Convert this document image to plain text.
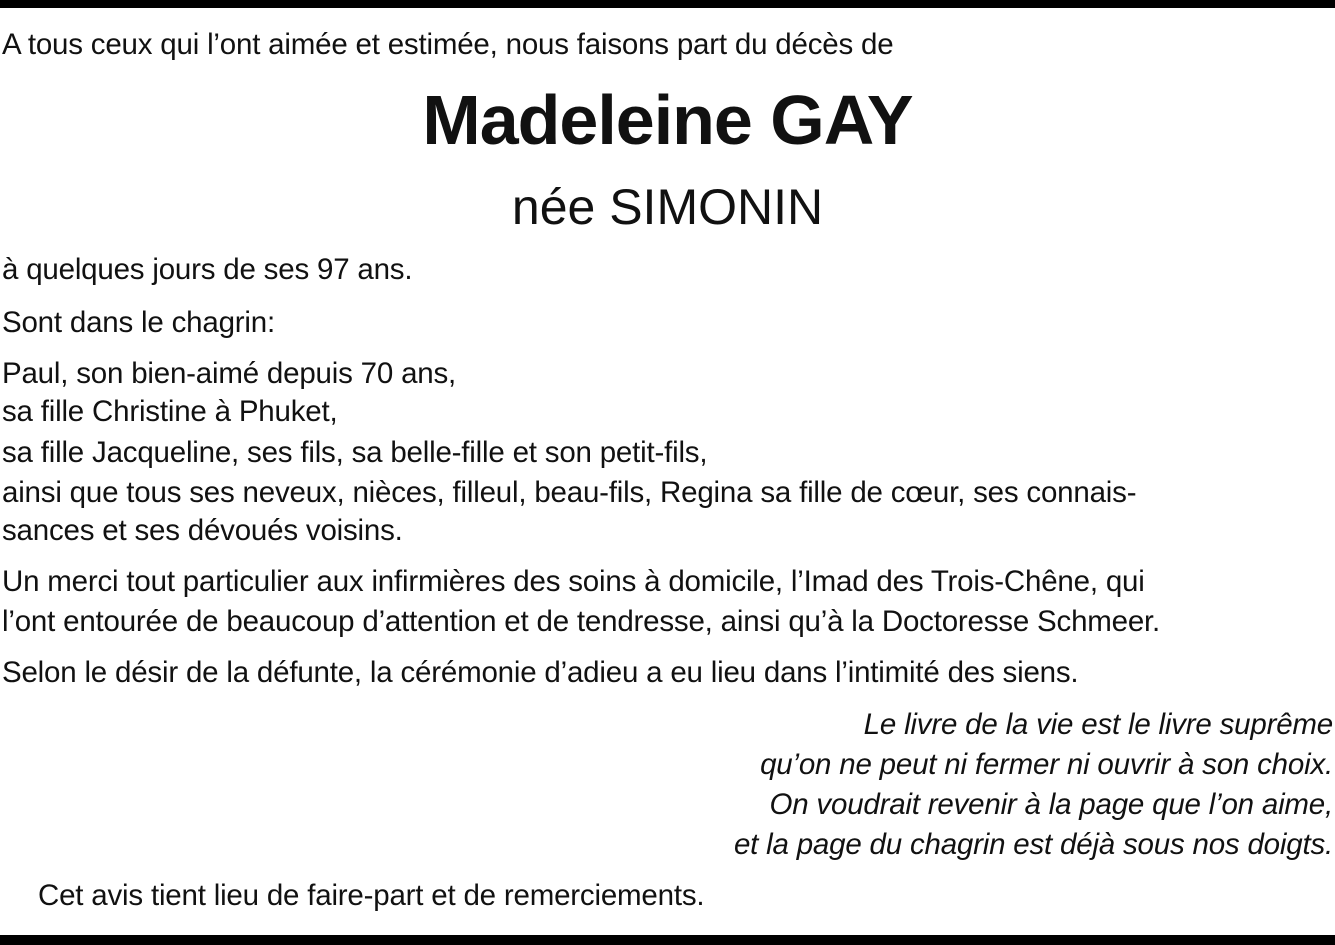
A tous ceux qui l’ont aimée et estimée, nous faisons part du décès de
Madeleine GAY
née SIMONIN
à quelques jours de ses 97 ans.
Sont dans le chagrin:
Paul, son bien-aimé depuis 70 ans,
sa fille Christine à Phuket,
sa fille Jacqueline, ses fils, sa belle-fille et son petit-fils,
ainsi que tous ses neveux, nièces, filleul, beau-fils, Regina sa fille de cœur, ses connais-
sances et ses dévoués voisins.
Un merci tout particulier aux infirmières des soins à domicile, l’Imad des Trois-Chêne, qui
l’ont entourée de beaucoup d’attention et de tendresse, ainsi qu’à la Doctoresse Schmeer.
Selon le désir de la défunte, la cérémonie d’adieu a eu lieu dans l’intimité des siens.
Le livre de la vie est le livre suprême
qu’on ne peut ni fermer ni ouvrir à son choix.
On voudrait revenir à la page que l’on aime,
et la page du chagrin est déjà sous nos doigts.
Cet avis tient lieu de faire-part et de remerciements.
